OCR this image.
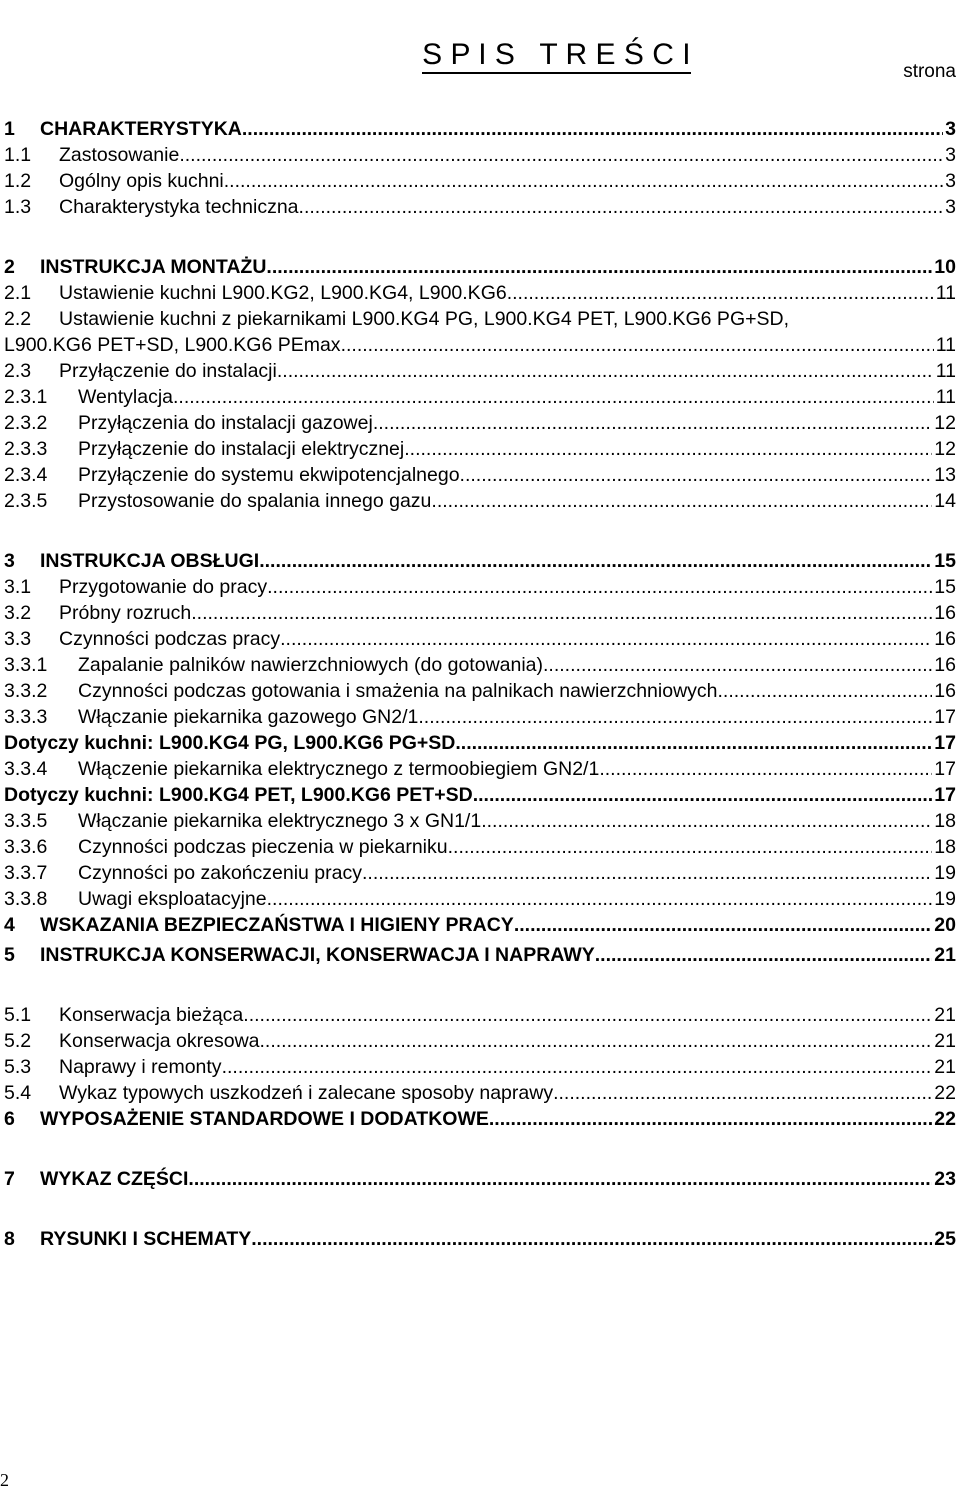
S P I S   T R E Ś C I

strona
1	CHARAKTERYSTYKA .....	3
1.1	Zastosowanie. .....	3
1.2	Ogólny opis kuchni .....	3
1.3	Charakterystyka techniczna .....	3
2	INSTRUKCJA MONTAŻU .....	10
2.1	Ustawienie kuchni L900.KG2, L900.KG4, L900.KG6. .....	11
2.2	Ustawienie kuchni z piekarnikami L900.KG4 PG, L900.KG4 PET, L900.KG6 PG+SD,
L900.KG6 PET+SD, L900.KG6 PEmax .....	11
2.3	Przyłączenie do instalacji .....	11
2.3.1	Wentylacja .....	11
2.3.2	Przyłączenia do instalacji gazowej .....	12
2.3.3	Przyłączenie do instalacji elektrycznej .....	12
2.3.4	Przyłączenie do systemu ekwipotencjalnego .....	13
2.3.5	Przystosowanie do spalania innego gazu .....	14
3	INSTRUKCJA OBSŁUGI .....	15
3.1	Przygotowanie do pracy .....	15
3.2	Próbny rozruch .....	16
3.3	Czynności podczas pracy .....	16
3.3.1	Zapalanie palników nawierzchniowych (do gotowania) .....	16
3.3.2	Czynności podczas gotowania i smażenia na palnikach nawierzchniowych .....	16
3.3.3	Włączanie piekarnika gazowego GN2/1 .....	17
Dotyczy kuchni: L900.KG4 PG, L900.KG6 PG+SD .....	17
3.3.4	Włączenie piekarnika elektrycznego z termoobiegiem GN2/1 .....	17
Dotyczy kuchni: L900.KG4 PET, L900.KG6 PET+SD .....	17
3.3.5	Włączanie piekarnika elektrycznego 3 x GN1/1 .....	18
3.3.6	Czynności podczas pieczenia w piekarniku .....	18
3.3.7	Czynności po zakończeniu pracy .....	19
3.3.8	Uwagi eksploatacyjne .....	19
4	WSKAZANIA BEZPIECZAŃSTWA I HIGIENY PRACY .....	20
5	INSTRUKCJA KONSERWACJI, KONSERWACJA I NAPRAWY .....	21
5.1	Konserwacja bieżąca .....	21
5.2	Konserwacja okresowa .....	21
5.3	Naprawy i remonty .....	21
5.4	Wykaz typowych uszkodzeń i zalecane sposoby naprawy .....	22
6	WYPOSAŻENIE STANDARDOWE I DODATKOWE .....	22
7	WYKAZ CZĘŚCI .....	23
8	RYSUNKI I SCHEMATY .....	25
2
